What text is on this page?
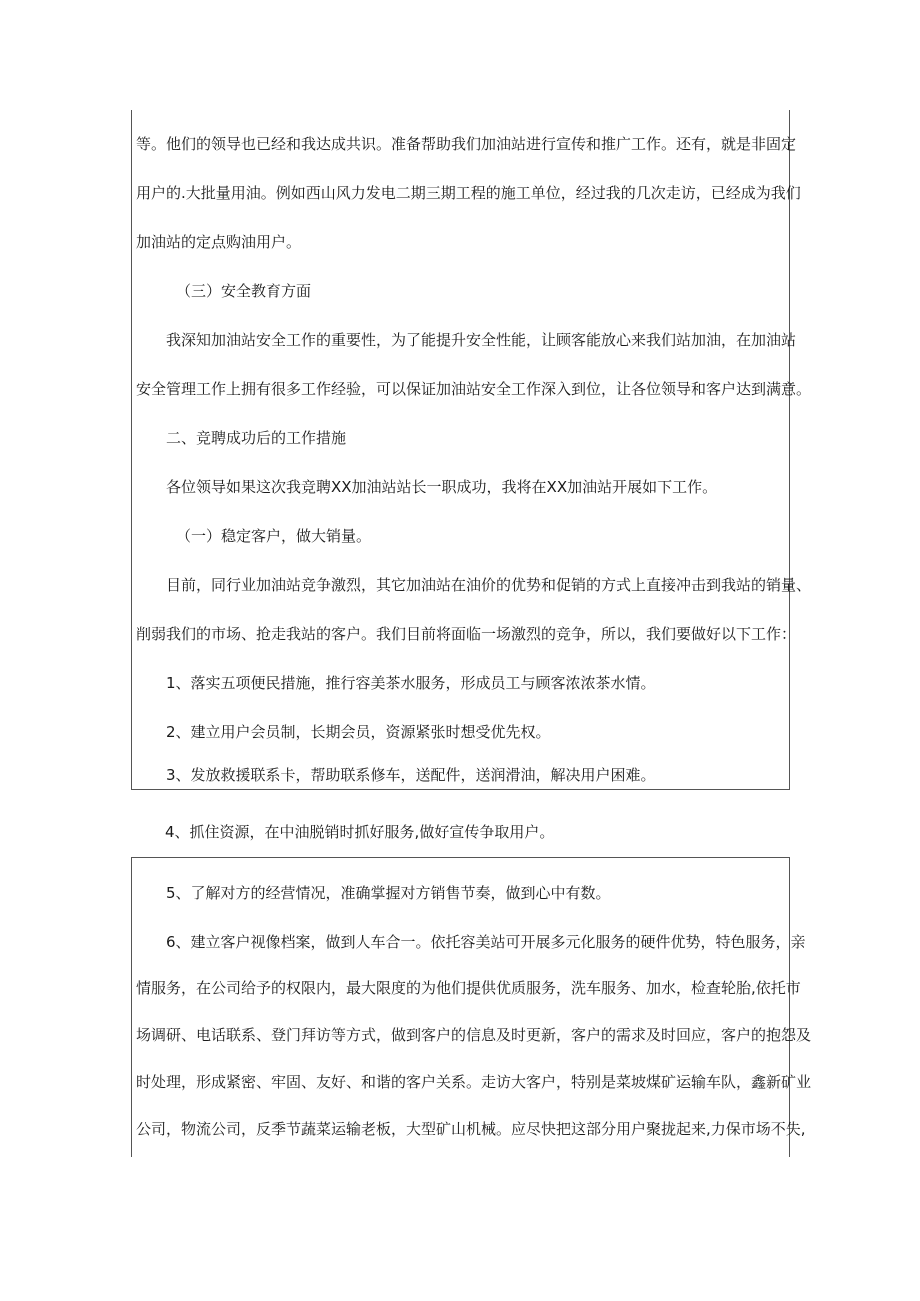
等。他们的领导也已经和我达成共识。准备帮助我们加油站进行宣传和推广工作。还有，就是非固定
用户的.大批量用油。例如西山风力发电二期三期工程的施工单位，经过我的几次走访，已经成为我们
加油站的定点购油用户。
（三）安全教育方面
我深知加油站安全工作的重要性，为了能提升安全性能，让顾客能放心来我们站加油，在加油站
安全管理工作上拥有很多工作经验，可以保证加油站安全工作深入到位，让各位领导和客户达到满意。
二、竞聘成功后的工作措施
各位领导如果这次我竞聘XX加油站站长一职成功，我将在XX加油站开展如下工作。
（一）稳定客户，做大销量。
目前，同行业加油站竞争激烈，其它加油站在油价的优势和促销的方式上直接冲击到我站的销量、
削弱我们的市场、抢走我站的客户。我们目前将面临一场激烈的竞争，所以，我们要做好以下工作：
1、落实五项便民措施，推行容美茶水服务，形成员工与顾客浓浓茶水情。
2、建立用户会员制，长期会员，资源紧张时想受优先权。
3、发放救援联系卡，帮助联系修车，送配件，送润滑油，解决用户困难。
4、抓住资源，在中油脱销时抓好服务,做好宣传争取用户。
5、了解对方的经营情况，准确掌握对方销售节奏，做到心中有数。
6、建立客户视像档案，做到人车合一。依托容美站可开展多元化服务的硬件优势，特色服务，亲
情服务，在公司给予的权限内，最大限度的为他们提供优质服务，洗车服务、加水，检查轮胎,依托市
场调研、电话联系、登门拜访等方式，做到客户的信息及时更新，客户的需求及时回应，客户的抱怨及
时处理，形成紧密、牢固、友好、和谐的客户关系。走访大客户，特别是菜坡煤矿运输车队，鑫新矿业
公司，物流公司，反季节蔬菜运输老板，大型矿山机械。应尽快把这部分用户聚拢起来,力保市场不失,
